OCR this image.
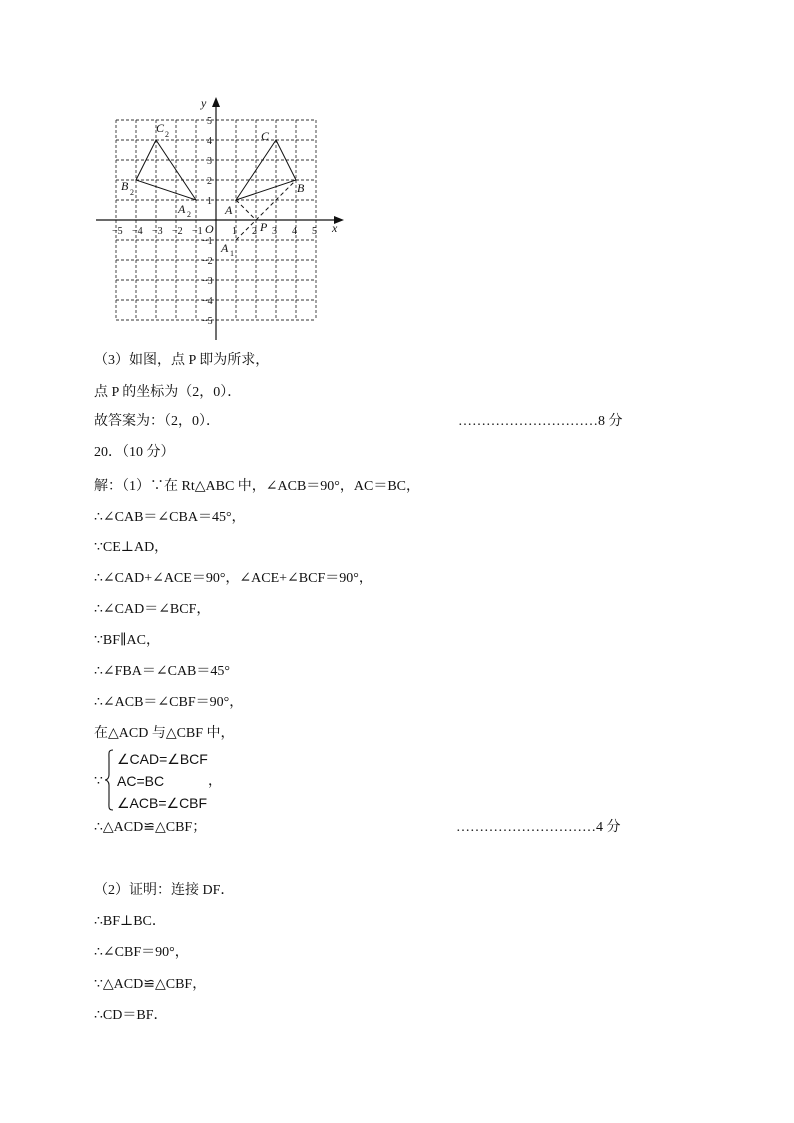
x
y
O
−5 −4 −3 −2 −1	1 2 3 4 5
5
4
3
2
1
−1
−2
−3
−4
−5
A
B
C
P
A 1
A 2
B 2
C 2
（3）如图，点 P 即为所求，
点 P 的坐标为（2，0）．
故答案为：（2，0）．	…………………………8 分
20．（10 分）
解：（1）∵在 Rt△ABC 中，∠ACB＝90°，AC＝BC，
∴∠CAB＝∠CBA＝45°，
∵CE⊥AD，
∴∠CAD+∠ACE＝90°，∠ACE+∠BCF＝90°，
∴∠CAD＝∠BCF，
∵BF∥AC，
∴∠FBA＝∠CAB＝45°
∴∠ACB＝∠CBF＝90°，
在△ACD 与△CBF 中，
∵
∠CAD=∠BCF
AC=BC
∠ACB=∠CBF
，
∴△ACD≌△CBF；	…………………………4 分
（2）证明：连接 DF．
∴BF⊥BC．
∴∠CBF＝90°，
∵△ACD≌△CBF，
∴CD＝BF．
